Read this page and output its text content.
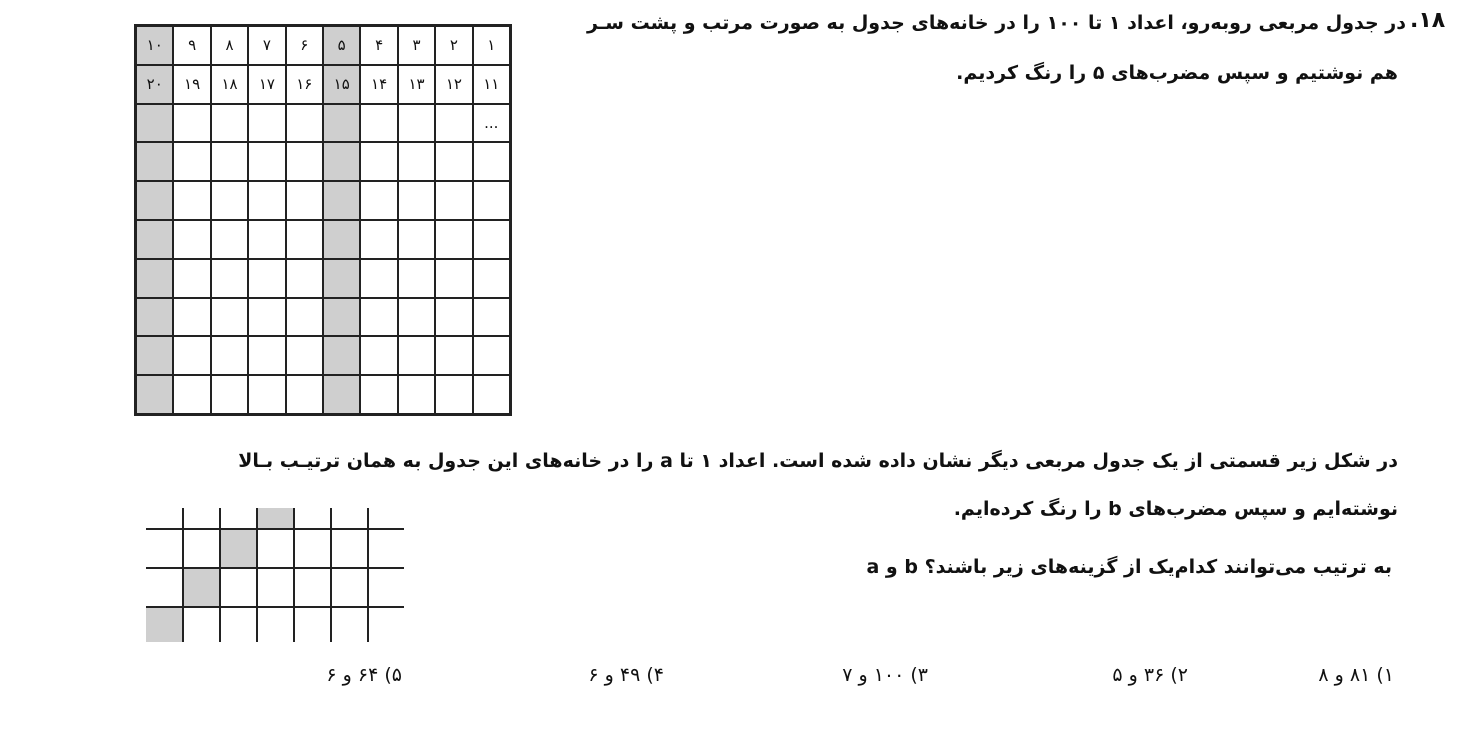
۱۸.
در جدول مربعی روبه‌رو، اعداد ۱ تا ۱۰۰ را در خانه‌های جدول به صورت مرتب و پشت سـر
هم نوشتیم و سپس مضرب‌های ۵ را رنگ کردیم.
۱
۲
۳
۴
۵
۶
۷
۸
۹
۱۰
۱۱
۱۲
۱۳
۱۴
۱۵
۱۶
۱۷
۱۸
۱۹
۲۰
...
در شکل زیر قسمتی از یک جدول مربعی دیگر نشان داده شده است. اعداد ۱ تا a را در خانه‌های این جدول به همان ترتیـب بـالا
نوشته‌ایم و سپس مضرب‌های b را رنگ کرده‌ایم.
a و b به ترتیب می‌توانند کدام‌یک از گزینه‌های زیر باشند؟
۱) ۸۱ و ۸
۲) ۳۶ و ۵
۳) ۱۰۰ و ۷
۴) ۴۹ و ۶
۵) ۶۴ و ۶
